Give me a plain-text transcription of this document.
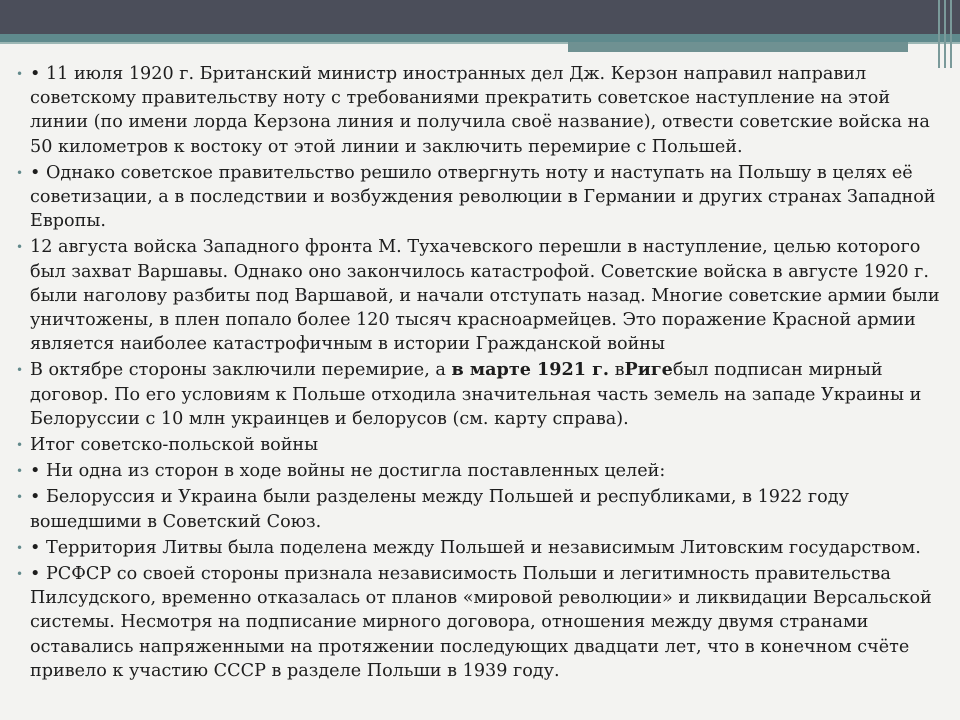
• • 11 июля 1920 г. Британский министр иностранных дел Дж. Керзон направил направил советскому правительству ноту с требованиями прекратить советское наступление на этой линии (по имени лорда Керзона линия и получила своё название), отвести советские войска на 50 километров к востоку от этой линии и заключить перемирие с Польшей.
• • Однако советское правительство решило отвергнуть ноту и наступать на Польшу в целях её советизации, а в последствии и возбуждения революции в Германии и других странах Западной Европы.
• 12 августа войска Западного фронта М. Тухачевского перешли в наступление, целью которого был захват Варшавы. Однако оно закончилось катастрофой. Советские войска в августе 1920 г. были наголову разбиты под Варшавой, и начали отступать назад. Многие советские армии были уничтожены, в плен попало более 120 тысяч красноармейцев. Это поражение Красной армии является наиболее катастрофичным в истории Гражданской войны
• В октябре стороны заключили перемирие, а в марте 1921 г. вРигебыл подписан мирный договор. По его условиям к Польше отходила значительная часть земель на западе Украины и Белоруссии с 10 млн украинцев и белорусов (см. карту справа).
• Итог советско-польской войны
• • Ни одна из сторон в ходе войны не достигла поставленных целей:
• • Белоруссия и Украина были разделены между Польшей и республиками, в 1922 году вошедшими в Советский Союз.
• • Территория Литвы была поделена между Польшей и независимым Литовским государством.
• • РСФСР со своей стороны признала независимость Польши и легитимность правительства Пилсудского, временно отказалась от планов «мировой революции» и ликвидации Версальской системы. Несмотря на подписание мирного договора, отношения между двумя странами оставались напряженными на протяжении последующих двадцати лет, что в конечном счёте привело к участию СССР в разделе Польши в 1939 году.
